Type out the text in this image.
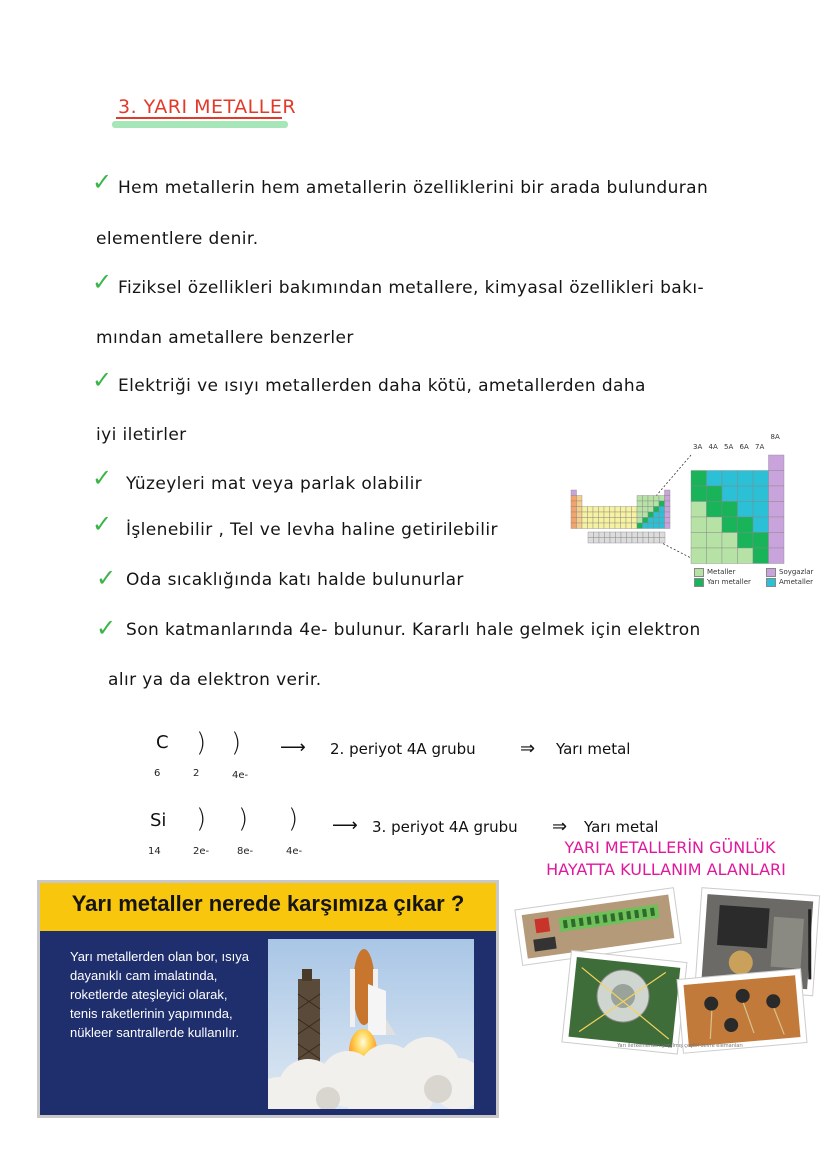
3. YARI METALLER
✓ Hem metallerin hem ametallerin özelliklerini bir arada bulunduran
elementlere denir.
✓ Fiziksel özellikleri bakımından metallere, kimyasal özellikleri bakı-
mından ametallere benzerler
✓ Elektriği ve ısıyı metallerden daha kötü, ametallerden daha
iyi iletirler
✓ Yüzeyleri mat veya parlak olabilir
✓ İşlenebilir , Tel ve levha haline getirilebilir
✓ Oda sıcaklığında katı halde bulunurlar
✓ Son katmanlarında 4e- bulunur. Kararlı hale gelmek için elektron
alır ya da elektron verir.
3A 4A 5A 6A 7A
8A
Metaller	Soygazlar
Yarı metaller	Ametaller
C
6
) )
2	4e-
⟶ 2. periyot 4A grubu ⇒ Yarı metal
Si
14
) ) )
2e-	8e-	4e-
⟶ 3. periyot 4A grubu ⇒ Yarı metal
YARI METALLERİN GÜNLÜK
HAYATTA KULLANIM ALANLARI
Yarı metaller nerede karşımıza çıkar ?
Yarı metallerden olan bor, ısıya dayanıklı cam imalatında, roketlerde ateşleyici olarak, tenis raketlerinin yapımında, nükleer santrallerde kullanılır.
Yarı iletkenlerden yapılmış çeşitli devre elemanları
